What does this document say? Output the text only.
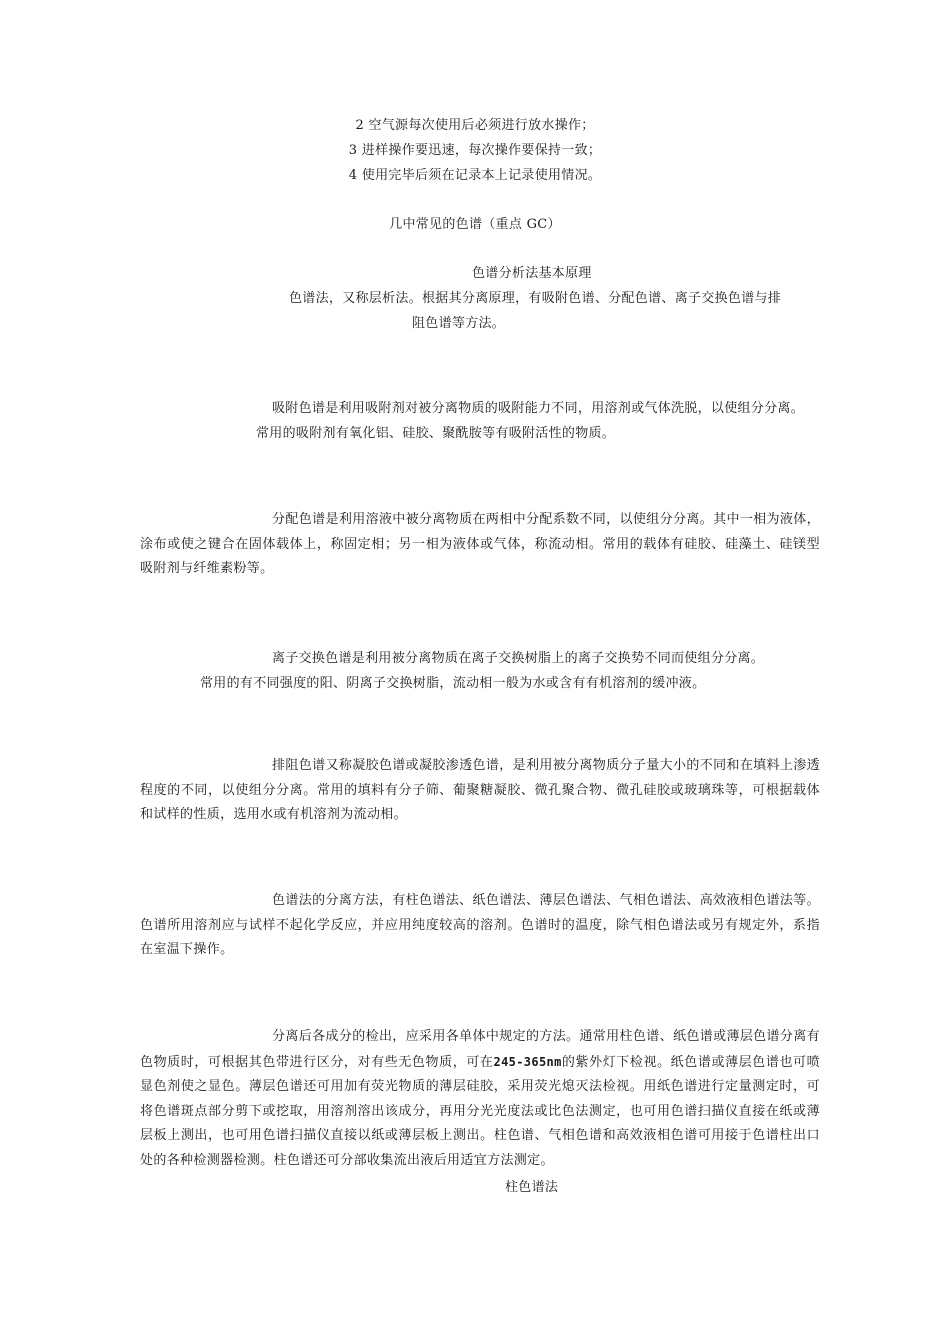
2 空气源每次使用后必须进行放水操作；
3 进样操作要迅速，每次操作要保持一致；
4 使用完毕后须在记录本上记录使用情况。
几中常见的色谱（重点 GC）
色谱分析法基本原理
色谱法，又称层析法。根据其分离原理，有吸附色谱、分配色谱、离子交换色谱与排
阻色谱等方法。
吸附色谱是利用吸附剂对被分离物质的吸附能力不同，用溶剂或气体洗脱，以使组分分离。
常用的吸附剂有氧化铝、硅胶、聚酰胺等有吸附活性的物质。
分配色谱是利用溶液中被分离物质在两相中分配系数不同，以使组分分离。其中一相为液体，涂布或使之键合在固体载体上，称固定相；另一相为液体或气体，称流动相。常用的载体有硅胶、硅藻土、硅镁型吸附剂与纤维素粉等。
离子交换色谱是利用被分离物质在离子交换树脂上的离子交换势不同而使组分分离。
常用的有不同强度的阳、阴离子交换树脂，流动相一般为水或含有有机溶剂的缓冲液。
排阻色谱又称凝胶色谱或凝胶渗透色谱，是利用被分离物质分子量大小的不同和在填料上渗透程度的不同，以使组分分离。常用的填料有分子筛、葡聚糖凝胶、微孔聚合物、微孔硅胶或玻璃珠等，可根据载体和试样的性质，选用水或有机溶剂为流动相。
色谱法的分离方法，有柱色谱法、纸色谱法、薄层色谱法、气相色谱法、高效液相色谱法等。色谱所用溶剂应与试样不起化学反应，并应用纯度较高的溶剂。色谱时的温度，除气相色谱法或另有规定外，系指在室温下操作。
分离后各成分的检出，应采用各单体中规定的方法。通常用柱色谱、纸色谱或薄层色谱分离有色物质时，可根据其色带进行区分，对有些无色物质，可在245-365nm的紫外灯下检视。纸色谱或薄层色谱也可喷显色剂使之显色。薄层色谱还可用加有荧光物质的薄层硅胶，采用荧光熄灭法检视。用纸色谱进行定量测定时，可将色谱斑点部分剪下或挖取，用溶剂溶出该成分，再用分光光度法或比色法测定，也可用色谱扫描仪直接在纸或薄层板上测出，也可用色谱扫描仪直接以纸或薄层板上测出。柱色谱、气相色谱和高效液相色谱可用接于色谱柱出口处的各种检测器检测。柱色谱还可分部收集流出液后用适宜方法测定。
柱色谱法
